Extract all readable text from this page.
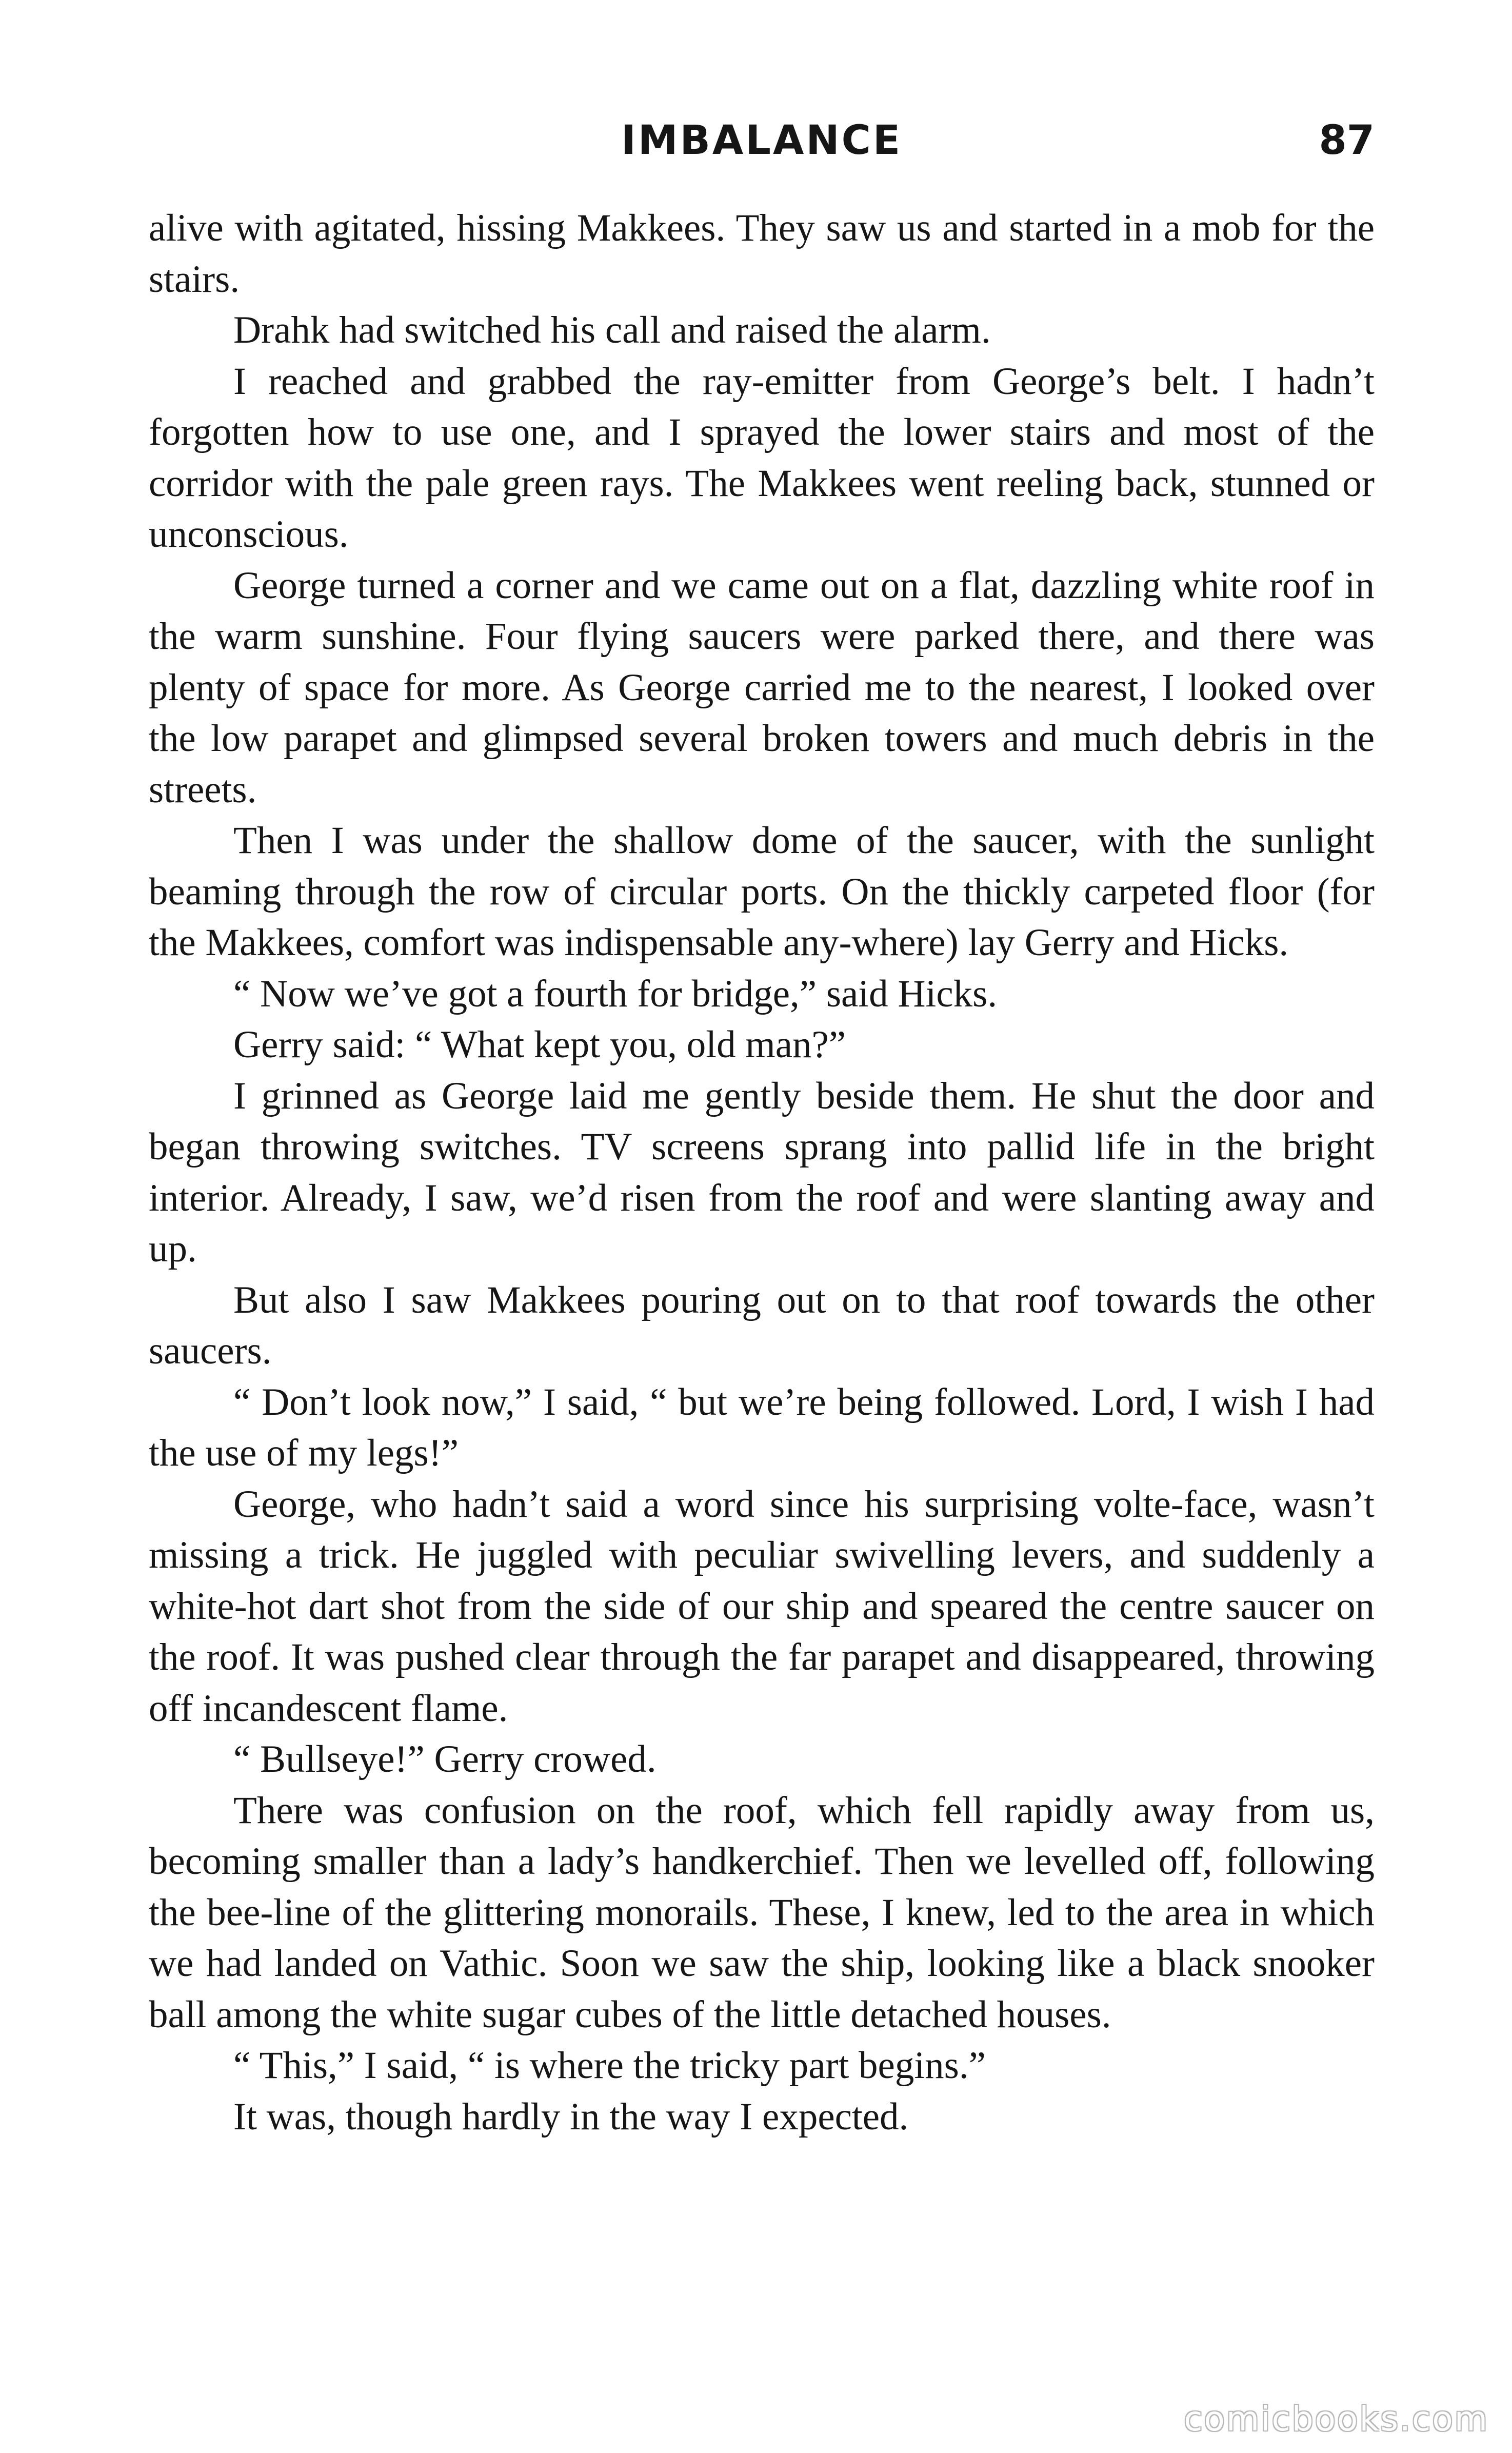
IMBALANCE	87

alive with agitated, hissing Makkees. They saw us and started in a mob for the stairs.

Drahk had switched his call and raised the alarm.

I reached and grabbed the ray-emitter from George’s belt. I hadn’t forgotten how to use one, and I sprayed the lower stairs and most of the corridor with the pale green rays. The Makkees went reeling back, stunned or unconscious.

George turned a corner and we came out on a flat, dazzling white roof in the warm sunshine. Four flying saucers were parked there, and there was plenty of space for more. As George carried me to the nearest, I looked over the low parapet and glimpsed several broken towers and much debris in the streets.

Then I was under the shallow dome of the saucer, with the sunlight beaming through the row of circular ports. On the thickly carpeted floor (for the Makkees, comfort was indispensable any-where) lay Gerry and Hicks.

“ Now we’ve got a fourth for bridge,” said Hicks.

Gerry said: “ What kept you, old man?”

I grinned as George laid me gently beside them. He shut the door and began throwing switches. TV screens sprang into pallid life in the bright interior. Already, I saw, we’d risen from the roof and were slanting away and up.

But also I saw Makkees pouring out on to that roof towards the other saucers.

“ Don’t look now,” I said, “ but we’re being followed. Lord, I wish I had the use of my legs!”

George, who hadn’t said a word since his surprising volte-face, wasn’t missing a trick. He juggled with peculiar swivelling levers, and suddenly a white-hot dart shot from the side of our ship and speared the centre saucer on the roof. It was pushed clear through the far parapet and disappeared, throwing off incandescent flame.

“ Bullseye!” Gerry crowed.

There was confusion on the roof, which fell rapidly away from us, becoming smaller than a lady’s handkerchief. Then we levelled off, following the bee-line of the glittering monorails. These, I knew, led to the area in which we had landed on Vathic. Soon we saw the ship, looking like a black snooker ball among the white sugar cubes of the little detached houses.

“ This,” I said, “ is where the tricky part begins.”

It was, though hardly in the way I expected.

comicbooks.com
